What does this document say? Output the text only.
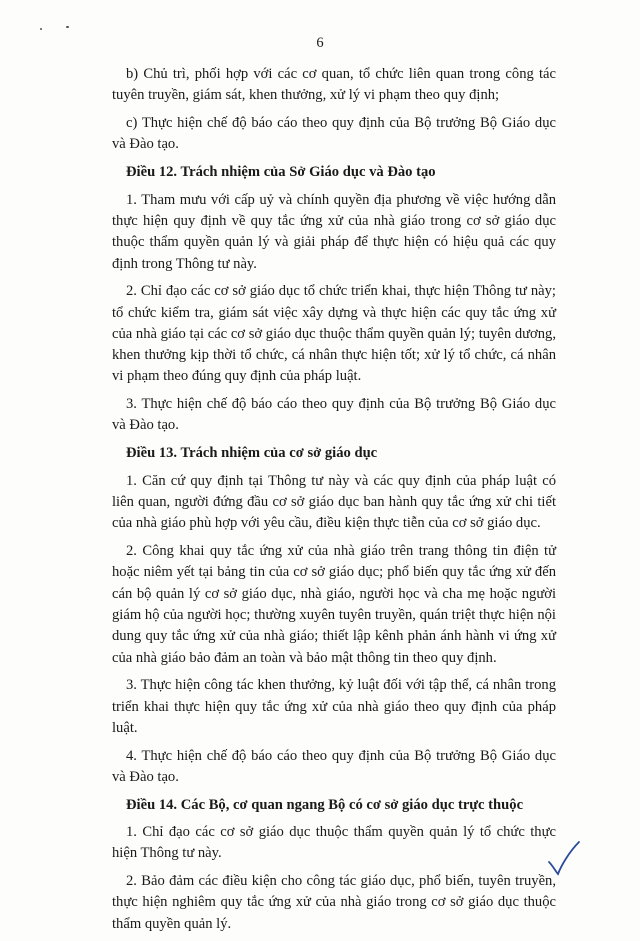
6

b) Chủ trì, phối hợp với các cơ quan, tổ chức liên quan trong công tác tuyên truyền, giám sát, khen thưởng, xử lý vi phạm theo quy định;

c) Thực hiện chế độ báo cáo theo quy định của Bộ trưởng Bộ Giáo dục và Đào tạo.

Điều 12. Trách nhiệm của Sở Giáo dục và Đào tạo

1. Tham mưu với cấp uỷ và chính quyền địa phương về việc hướng dẫn thực hiện quy định về quy tắc ứng xử của nhà giáo trong cơ sở giáo dục thuộc thẩm quyền quản lý và giải pháp để thực hiện có hiệu quả các quy định trong Thông tư này.

2. Chỉ đạo các cơ sở giáo dục tổ chức triển khai, thực hiện Thông tư này; tổ chức kiểm tra, giám sát việc xây dựng và thực hiện các quy tắc ứng xử của nhà giáo tại các cơ sở giáo dục thuộc thẩm quyền quản lý; tuyên dương, khen thưởng kịp thời tổ chức, cá nhân thực hiện tốt; xử lý tổ chức, cá nhân vi phạm theo đúng quy định của pháp luật.

3. Thực hiện chế độ báo cáo theo quy định của Bộ trưởng Bộ Giáo dục và Đào tạo.

Điều 13. Trách nhiệm của cơ sở giáo dục

1. Căn cứ quy định tại Thông tư này và các quy định của pháp luật có liên quan, người đứng đầu cơ sở giáo dục ban hành quy tắc ứng xử chi tiết của nhà giáo phù hợp với yêu cầu, điều kiện thực tiễn của cơ sở giáo dục.

2. Công khai quy tắc ứng xử của nhà giáo trên trang thông tin điện tử hoặc niêm yết tại bảng tin của cơ sở giáo dục; phổ biến quy tắc ứng xử đến cán bộ quản lý cơ sở giáo dục, nhà giáo, người học và cha mẹ hoặc người giám hộ của người học; thường xuyên tuyên truyền, quán triệt thực hiện nội dung quy tắc ứng xử của nhà giáo; thiết lập kênh phản ánh hành vi ứng xử của nhà giáo bảo đảm an toàn và bảo mật thông tin theo quy định.

3. Thực hiện công tác khen thưởng, kỷ luật đối với tập thể, cá nhân trong triển khai thực hiện quy tắc ứng xử của nhà giáo theo quy định của pháp luật.

4. Thực hiện chế độ báo cáo theo quy định của Bộ trưởng Bộ Giáo dục và Đào tạo.

Điều 14. Các Bộ, cơ quan ngang Bộ có cơ sở giáo dục trực thuộc

1. Chỉ đạo các cơ sở giáo dục thuộc thẩm quyền quản lý tổ chức thực hiện Thông tư này.

2. Bảo đảm các điều kiện cho công tác giáo dục, phổ biến, tuyên truyền, thực hiện nghiêm quy tắc ứng xử của nhà giáo trong cơ sở giáo dục thuộc thẩm quyền quản lý.
